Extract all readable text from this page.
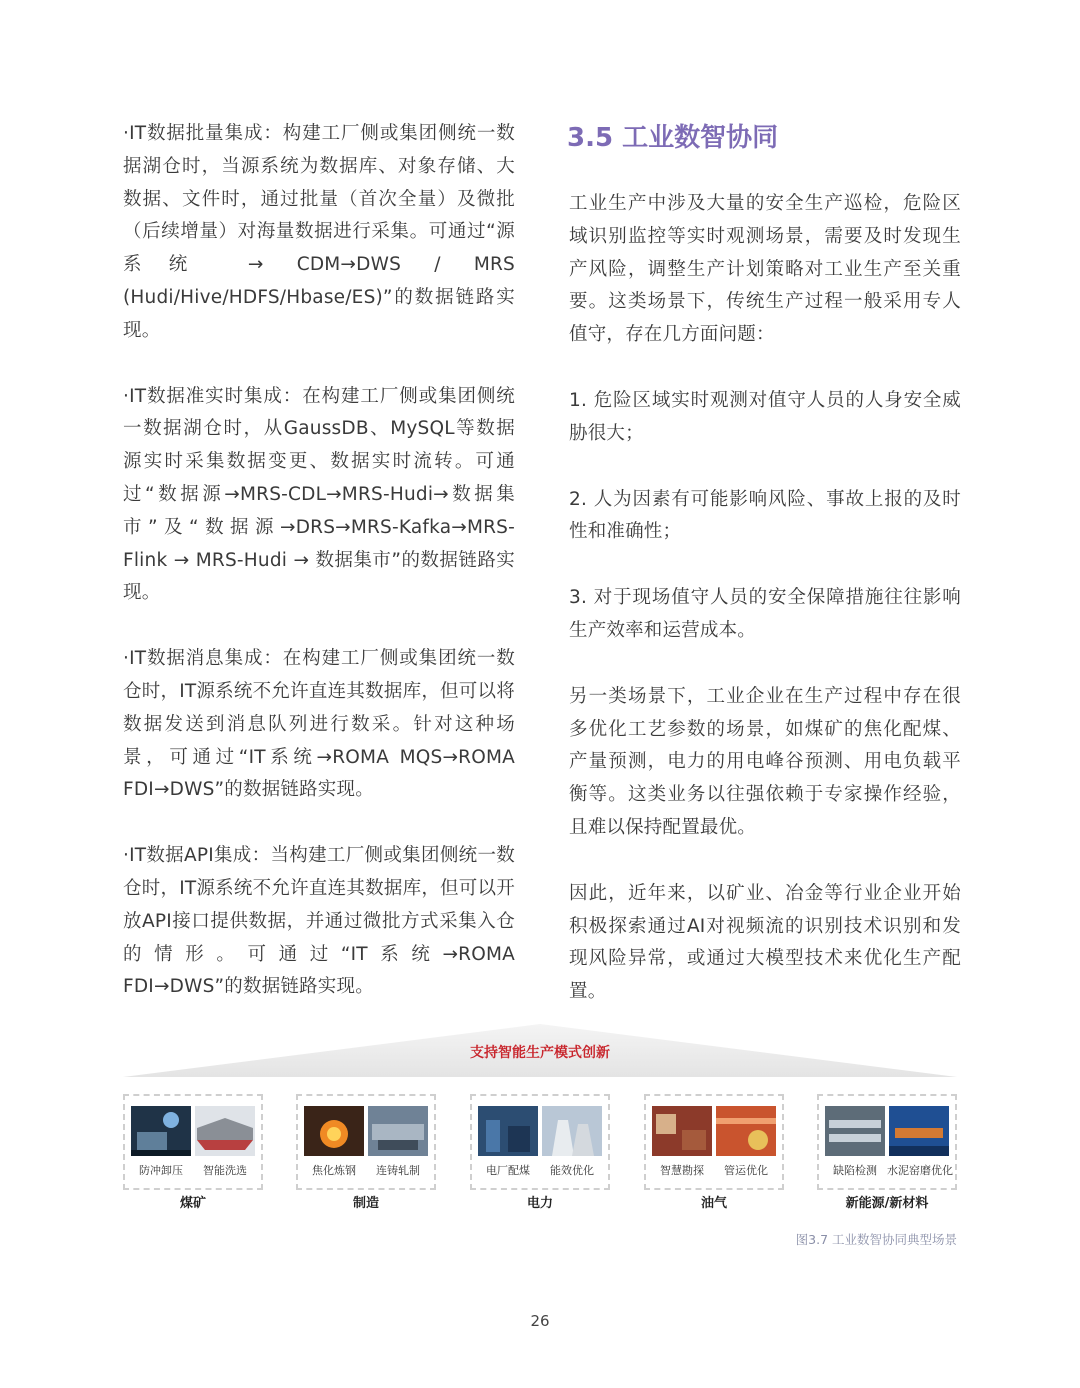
·IT数据批量集成：构建工厂侧或集团侧统一数据湖仓时，当源系统为数据库、对象存储、大数据、文件时，通过批量（首次全量）及微批（后续增量）对海量数据进行采集。可通过“源系统 → CDM→DWS / MRS (Hudi/Hive/HDFS/Hbase/ES)”的数据链路实现。

·IT数据准实时集成：在构建工厂侧或集团侧统一数据湖仓时，从GaussDB、MySQL等数据源实时采集数据变更、数据实时流转。可通过“数据源→MRS-CDL→MRS-Hudi→数据集市”及“数据源→DRS→MRS-Kafka→MRS-Flink → MRS-Hudi → 数据集市”的数据链路实现。

·IT数据消息集成：在构建工厂侧或集团统一数仓时，IT源系统不允许直连其数据库，但可以将数据发送到消息队列进行数采。针对这种场景，可通过“IT系统→ROMA MQS→ROMA FDI→DWS”的数据链路实现。

·IT数据API集成：当构建工厂侧或集团侧统一数仓时，IT源系统不允许直连其数据库，但可以开放API接口提供数据，并通过微批方式采集入仓的情形。可通过“IT系统→ROMA FDI→DWS”的数据链路实现。

3.5 工业数智协同

工业生产中涉及大量的安全生产巡检，危险区域识别监控等实时观测场景，需要及时发现生产风险，调整生产计划策略对工业生产至关重要。这类场景下，传统生产过程一般采用专人值守，存在几方面问题：

1. 危险区域实时观测对值守人员的人身安全威胁很大；

2. 人为因素有可能影响风险、事故上报的及时性和准确性；

3. 对于现场值守人员的安全保障措施往往影响生产效率和运营成本。

另一类场景下，工业企业在生产过程中存在很多优化工艺参数的场景，如煤矿的焦化配煤、产量预测，电力的用电峰谷预测、用电负载平衡等。这类业务以往强依赖于专家操作经验，且难以保持配置最优。

因此，近年来，以矿业、冶金等行业企业开始积极探索通过AI对视频流的识别技术识别和发现风险异常，或通过大模型技术来优化生产配置。

支持智能生产模式创新
防冲卸压	智能洗选
煤矿
焦化炼钢	连铸轧制
制造
电厂配煤	能效优化
电力
智慧勘探	管运优化
油气
缺陷检测 水泥窑磨优化
新能源/新材料
图3.7 工业数智协同典型场景
26
